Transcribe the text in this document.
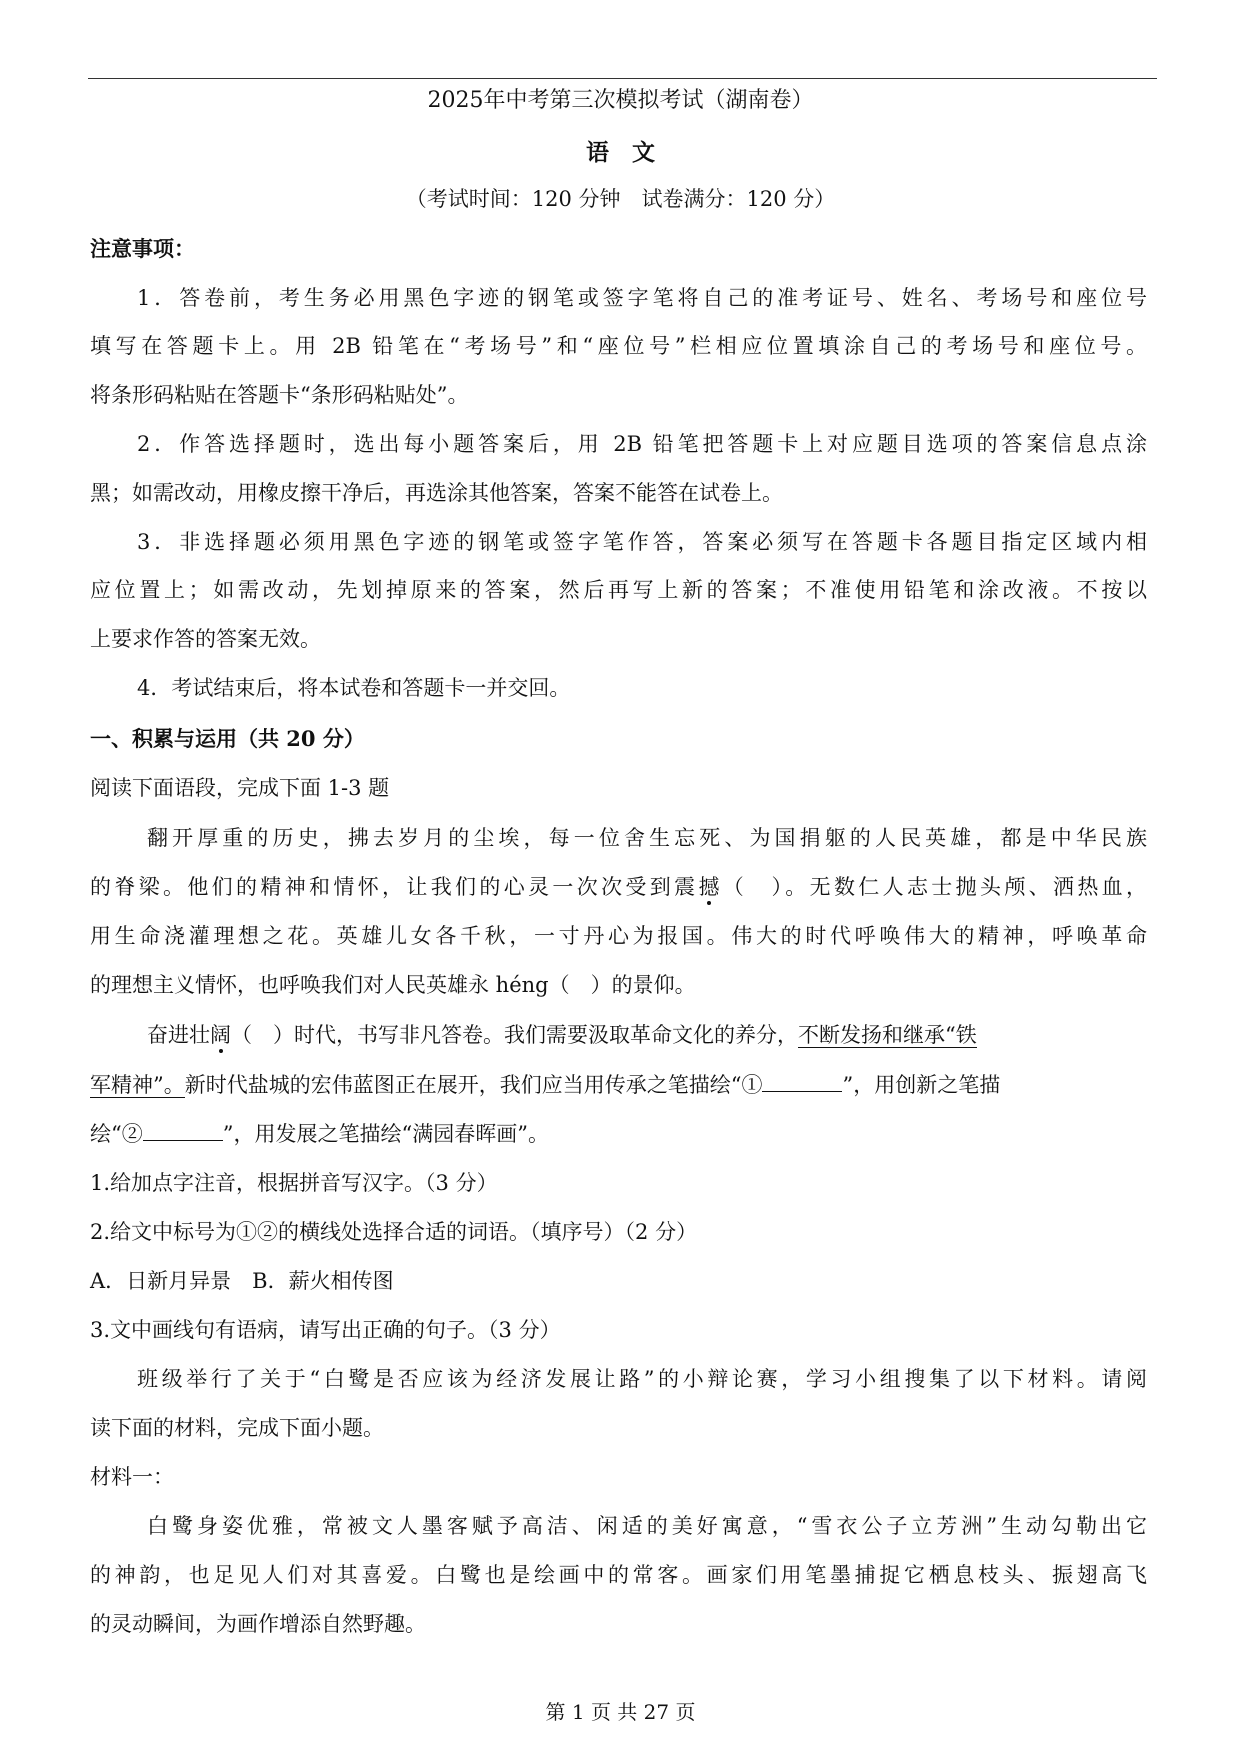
2025年中考第三次模拟考试（湖南卷）
语　文
（考试时间：120 分钟　试卷满分：120 分）
注意事项：
1．答卷前，考生务必用黑色字迹的钢笔或签字笔将自己的准考证号、姓名、考场号和座位号
填写在答题卡上。用 2B 铅笔在“考场号”和“座位号”栏相应位置填涂自己的考场号和座位号。
将条形码粘贴在答题卡“条形码粘贴处”。
2．作答选择题时，选出每小题答案后，用 2B 铅笔把答题卡上对应题目选项的答案信息点涂
黑；如需改动，用橡皮擦干净后，再选涂其他答案，答案不能答在试卷上。
3．非选择题必须用黑色字迹的钢笔或签字笔作答，答案必须写在答题卡各题目指定区域内相
应位置上；如需改动，先划掉原来的答案，然后再写上新的答案；不准使用铅笔和涂改液。不按以
上要求作答的答案无效。
4．考试结束后，将本试卷和答题卡一并交回。
一、积累与运用（共 20 分）
阅读下面语段，完成下面 1-3 题
翻开厚重的历史，拂去岁月的尘埃，每一位舍生忘死、为国捐躯的人民英雄，都是中华民族
的脊梁。他们的精神和情怀，让我们的心灵一次次受到震撼（　）。无数仁人志士抛头颅、洒热血，
用生命浇灌理想之花。英雄儿女各千秋，一寸丹心为报国。伟大的时代呼唤伟大的精神，呼唤革命
的理想主义情怀，也呼唤我们对人民英雄永 héng（　）的景仰。
奋进壮阔（　）时代，书写非凡答卷。我们需要汲取革命文化的养分，不断发扬和继承“铁
军精神”。新时代盐城的宏伟蓝图正在展开，我们应当用传承之笔描绘“①	”，用创新之笔描
绘“②	”，用发展之笔描绘“满园春晖画”。
1.给加点字注音，根据拼音写汉字。（3 分）
2.给文中标号为①②的横线处选择合适的词语。（填序号）（2 分）
A．日新月异景　B．薪火相传图
3.文中画线句有语病，请写出正确的句子。（3 分）
班级举行了关于“白鹭是否应该为经济发展让路”的小辩论赛，学习小组搜集了以下材料。请阅
读下面的材料，完成下面小题。
材料一：
白鹭身姿优雅，常被文人墨客赋予高洁、闲适的美好寓意，“雪衣公子立芳洲”生动勾勒出它
的神韵，也足见人们对其喜爱。白鹭也是绘画中的常客。画家们用笔墨捕捉它栖息枝头、振翅高飞
的灵动瞬间，为画作增添自然野趣。
第 1 页 共 27 页
